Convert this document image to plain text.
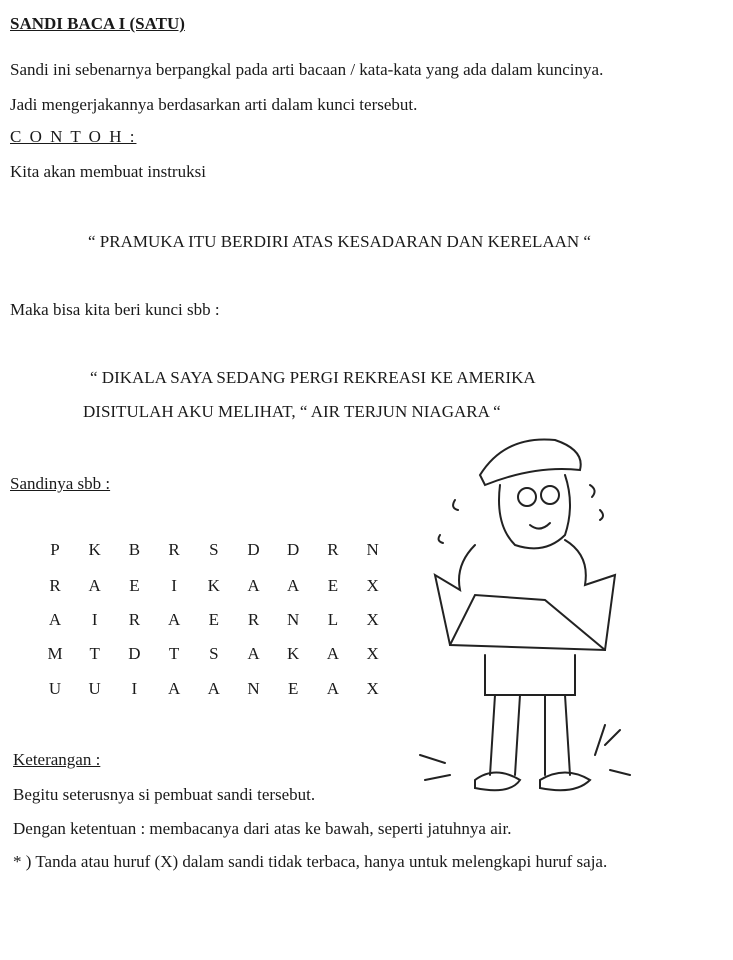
SANDI BACA I (SATU)
Sandi ini sebenarnya berpangkal pada arti bacaan / kata-kata yang ada dalam kuncinya.
Jadi mengerjakannya berdasarkan arti dalam kunci tersebut.
C O N T O H :
Kita akan membuat instruksi
“ PRAMUKA ITU BERDIRI ATAS KESADARAN DAN KERELAAN “
Maka bisa kita beri kunci sbb :
“ DIKALA SAYA SEDANG PERGI REKREASI KE AMERIKA
DISITULAH AKU MELIHAT, “ AIR TERJUN NIAGARA “
Sandinya sbb :
P	K	B	R	S	D	D	R	N
R	A	E	I	K	A	A	E	X
A	I	R	A	E	R	N	L	X
M	T	D	T	S	A	K	A	X
U	U	I	A	A	N	E	A	X
Keterangan :
Begitu seterusnya si pembuat sandi tersebut.
Dengan ketentuan : membacanya dari atas ke bawah, seperti jatuhnya air.
* ) Tanda atau huruf (X) dalam sandi tidak terbaca, hanya untuk melengkapi huruf saja.
